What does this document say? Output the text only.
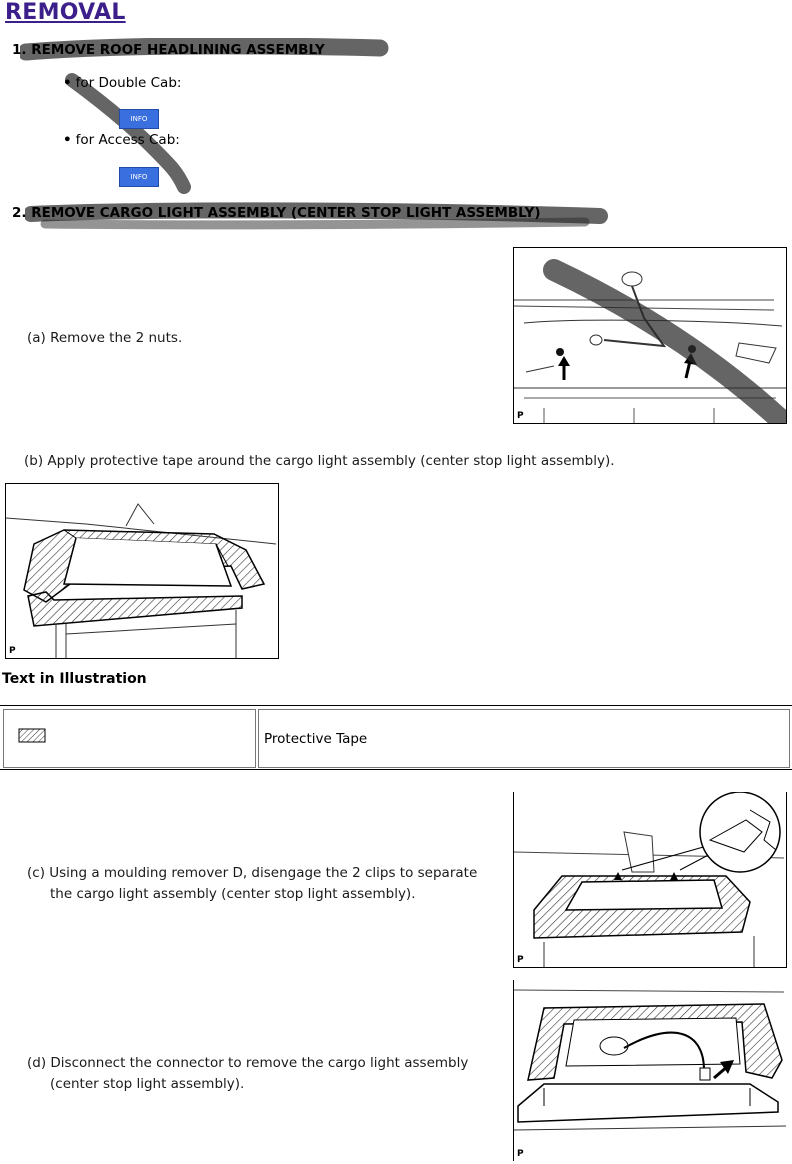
REMOVAL
1. REMOVE ROOF HEADLINING ASSEMBLY
• for Double Cab:
INFO
• for Access Cab:
INFO
2. REMOVE CARGO LIGHT ASSEMBLY (CENTER STOP LIGHT ASSEMBLY)
(a) Remove the 2 nuts.
P
(b) Apply protective tape around the cargo light assembly (center stop light assembly).
P
Text in Illustration
Protective Tape
(c) Using a moulding remover D, disengage the 2 clips to separate
the cargo light assembly (center stop light assembly).
P
(d) Disconnect the connector to remove the cargo light assembly
(center stop light assembly).
P
